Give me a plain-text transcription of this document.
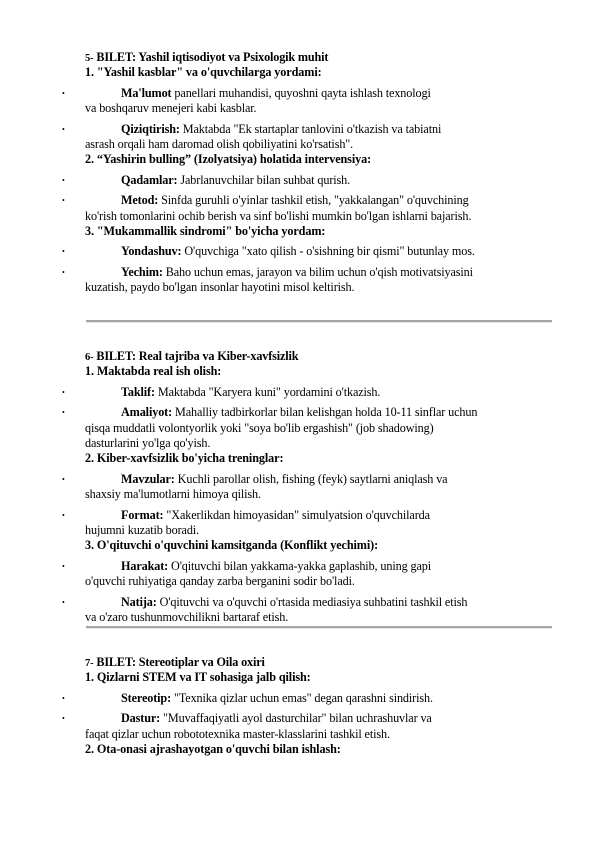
5- BILET: Yashil iqtisodiyot va Psixologik muhit
1. "Yashil kasblar" va o'quvchilarga yordami:
•	Ma'lumot panellari muhandisi, quyoshni qayta ishlash texnologi
va boshqaruv menejeri kabi kasblar.
•	Qiziqtirish: Maktabda "Ek startaplar tanlovini o'tkazish va tabiatni
asrash orqali ham daromad olish qobiliyatini ko'rsatish".
2. “Yashirin bulling” (Izolyatsiya) holatida intervensiya:
•	Qadamlar: Jabrlanuvchilar bilan suhbat qurish.
•	Metod: Sinfda guruhli o'yinlar tashkil etish, "yakkalangan" o'quvchining
ko'rish tomonlarini ochib berish va sinf bo'lishi mumkin bo'lgan ishlarni bajarish.
3. "Mukammallik sindromi" bo'yicha yordam:
•	Yondashuv: O'quvchiga "xato qilish - o'sishning bir qismi" butunlay mos.
•	Yechim: Baho uchun emas, jarayon va bilim uchun o'qish motivatsiyasini
kuzatish, paydo bo'lgan insonlar hayotini misol keltirish.
6- BILET: Real tajriba va Kiber-xavfsizlik
1. Maktabda real ish olish:
•	Taklif: Maktabda "Karyera kuni" yordamini o'tkazish.
•	Amaliyot: Mahalliy tadbirkorlar bilan kelishgan holda 10-11 sinflar uchun
qisqa muddatli volontyorlik yoki "soya bo'lib ergashish" (job shadowing)
dasturlarini yo'lga qo'yish.
2. Kiber-xavfsizlik bo'yicha treninglar:
•	Mavzular: Kuchli parollar olish, fishing (feyk) saytlarni aniqlash va
shaxsiy ma'lumotlarni himoya qilish.
•	Format: "Xakerlikdan himoyasidan" simulyatsion o'quvchilarda
hujumni kuzatib boradi.
3. O'qituvchi o'quvchini kamsitganda (Konflikt yechimi):
•	Harakat: O'qituvchi bilan yakkama-yakka gaplashib, uning gapi
o'quvchi ruhiyatiga qanday zarba berganini sodir bo'ladi.
•	Natija: O'qituvchi va o'quvchi o'rtasida mediasiya suhbatini tashkil etish
va o'zaro tushunmovchilikni bartaraf etish.
7- BILET: Stereotiplar va Oila oxiri
1. Qizlarni STEM va IT sohasiga jalb qilish:
•	Stereotip: "Texnika qizlar uchun emas" degan qarashni sindirish.
•	Dastur: "Muvaffaqiyatli ayol dasturchilar" bilan uchrashuvlar va
faqat qizlar uchun robototexnika master-klasslarini tashkil etish.
2. Ota-onasi ajrashayotgan o'quvchi bilan ishlash:
